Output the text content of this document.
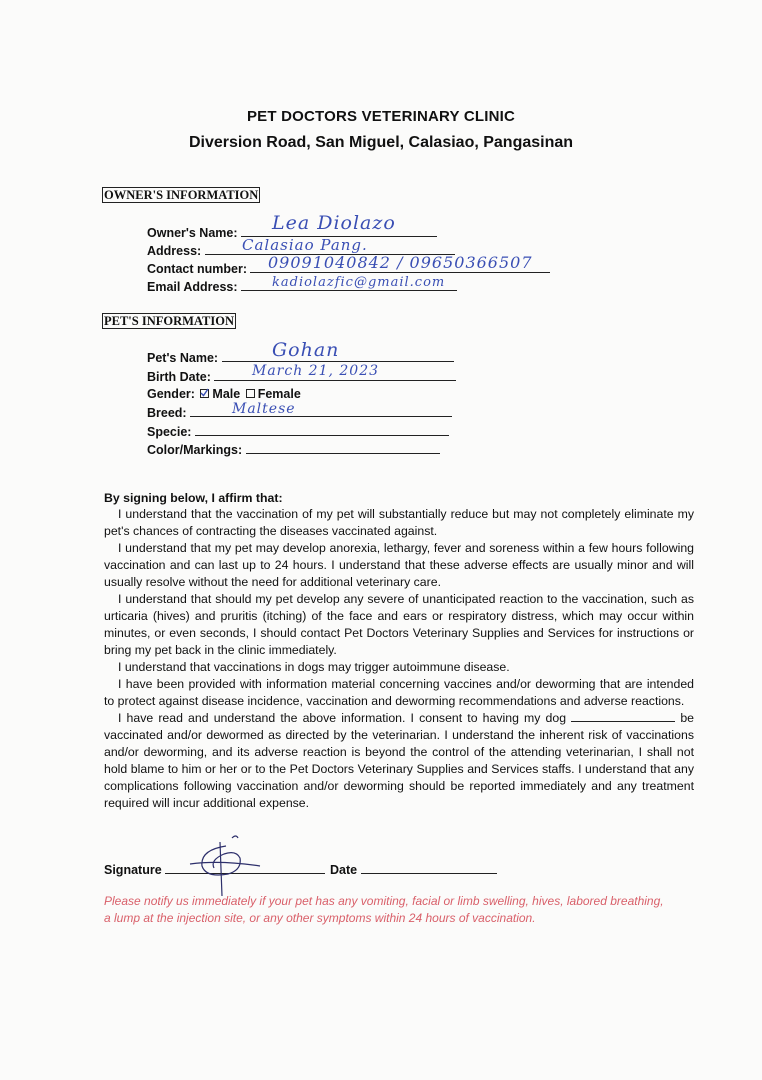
PET DOCTORS VETERINARY CLINIC
Diversion Road, San Miguel, Calasiao, Pangasinan
OWNER'S INFORMATION
Owner's Name:	Lea Diolazo
Address:	Calasiao Pang.
Contact number:	09091040842 / 09650366507
Email Address:	kadiolazfic@gmail.com
PET'S INFORMATION
Pet's Name:	Gohan
Birth Date:	March 21, 2023
Gender: Male Female
Breed:	Maltese
Specie:
Color/Markings:
By signing below, I affirm that:

I understand that the vaccination of my pet will substantially reduce but may not completely eliminate my pet's chances of contracting the diseases vaccinated against.

I understand that my pet may develop anorexia, lethargy, fever and soreness within a few hours following vaccination and can last up to 24 hours. I understand that these adverse effects are usually minor and will usually resolve without the need for additional veterinary care.

I understand that should my pet develop any severe of unanticipated reaction to the vaccination, such as urticaria (hives) and pruritis (itching) of the face and ears or respiratory distress, which may occur within minutes, or even seconds, I should contact Pet Doctors Veterinary Supplies and Services for instructions or bring my pet back in the clinic immediately.

I understand that vaccinations in dogs may trigger autoimmune disease.

I have been provided with information material concerning vaccines and/or deworming that are intended to protect against disease incidence, vaccination and deworming recommendations and adverse reactions.

I have read and understand the above information. I consent to having my dog	be vaccinated and/or dewormed as directed by the veterinarian. I understand the inherent risk of vaccinations and/or deworming, and its adverse reaction is beyond the control of the attending veterinarian, I shall not hold blame to him or her or to the Pet Doctors Veterinary Supplies and Services staffs. I understand that any complications following vaccination and/or deworming should be reported immediately and any treatment required will incur additional expense.

Signature	Date
Please notify us immediately if your pet has any vomiting, facial or limb swelling, hives, labored breathing, a lump at the injection site, or any other symptoms within 24 hours of vaccination.
